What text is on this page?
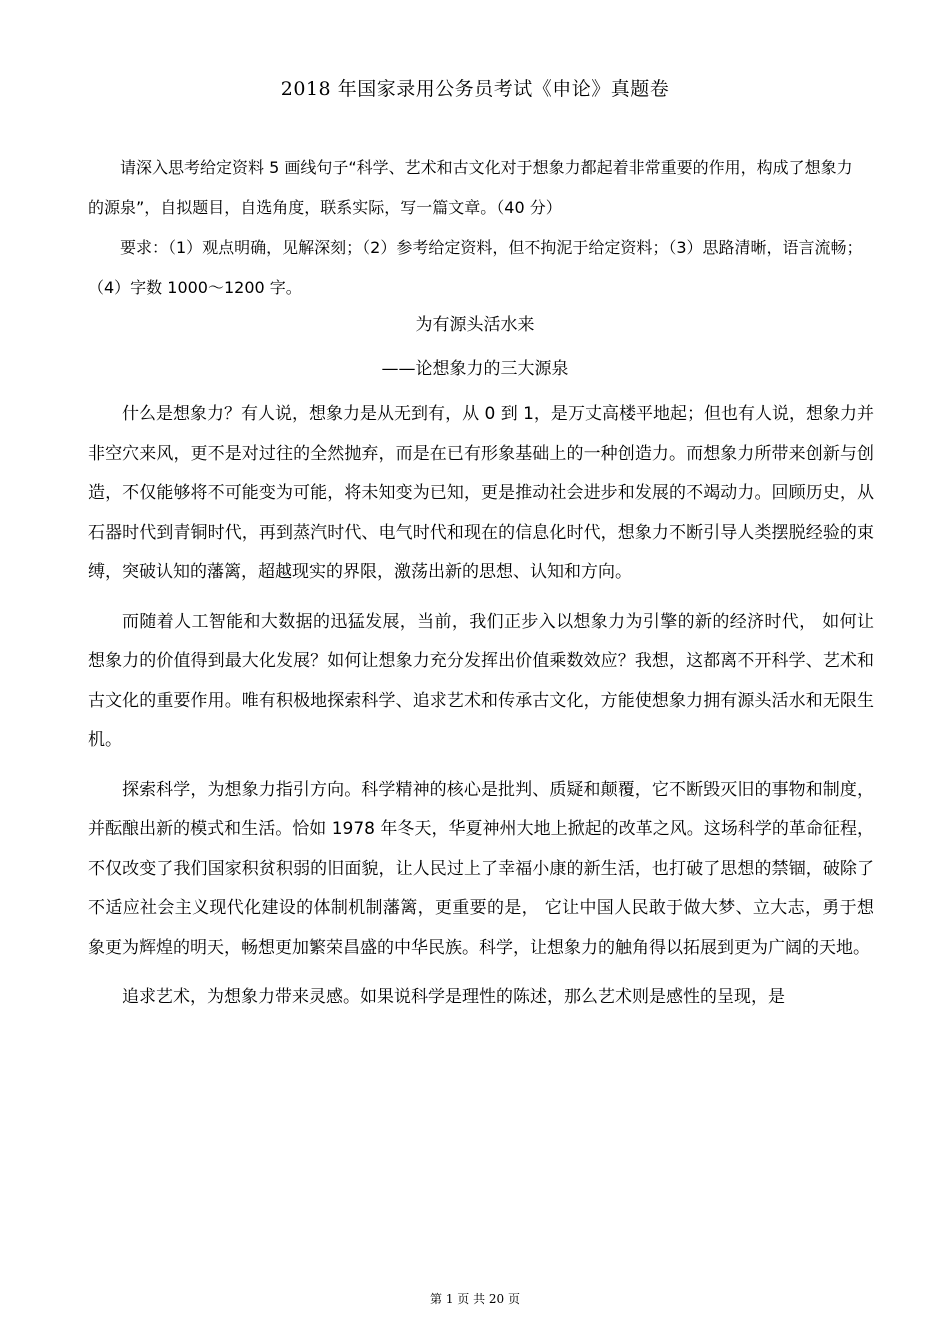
2018 年国家录用公务员考试《申论》真题卷

请深入思考给定资料 5 画线句子“科学、艺术和古文化对于想象力都起着非常重要的作用，构成了想象力的源泉”，自拟题目，自选角度，联系实际，写一篇文章。（40 分）

要求：（1）观点明确，见解深刻；（2）参考给定资料，但不拘泥于给定资料；（3）思路清晰，语言流畅；（4）字数 1000～1200 字。

为有源头活水来
——论想象力的三大源泉

什么是想象力？有人说，想象力是从无到有，从 0 到 1，是万丈高楼平地起；但也有人说，想象力并非空穴来风，更不是对过往的全然抛弃，而是在已有形象基础上的一种创造力。而想象力所带来创新与创造，不仅能够将不可能变为可能，将未知变为已知，更是推动社会进步和发展的不竭动力。回顾历史，从石器时代到青铜时代，再到蒸汽时代、电气时代和现在的信息化时代，想象力不断引导人类摆脱经验的束缚，突破认知的藩篱，超越现实的界限，激荡出新的思想、认知和方向。

而随着人工智能和大数据的迅猛发展，当前，我们正步入以想象力为引擎的新的经济时代， 如何让想象力的价值得到最大化发展？如何让想象力充分发挥出价值乘数效应？我想，这都离不开科学、艺术和古文化的重要作用。唯有积极地探索科学、追求艺术和传承古文化，方能使想象力拥有源头活水和无限生机。

探索科学，为想象力指引方向。科学精神的核心是批判、质疑和颠覆，它不断毁灭旧的事物和制度，并酝酿出新的模式和生活。恰如 1978 年冬天，华夏神州大地上掀起的改革之风。这场科学的革命征程，不仅改变了我们国家积贫积弱的旧面貌，让人民过上了幸福小康的新生活，也打破了思想的禁锢，破除了不适应社会主义现代化建设的体制机制藩篱，更重要的是， 它让中国人民敢于做大梦、立大志，勇于想象更为辉煌的明天，畅想更加繁荣昌盛的中华民族。科学，让想象力的触角得以拓展到更为广阔的天地。

追求艺术，为想象力带来灵感。如果说科学是理性的陈述，那么艺术则是感性的呈现，是

第 1 页 共 20 页
